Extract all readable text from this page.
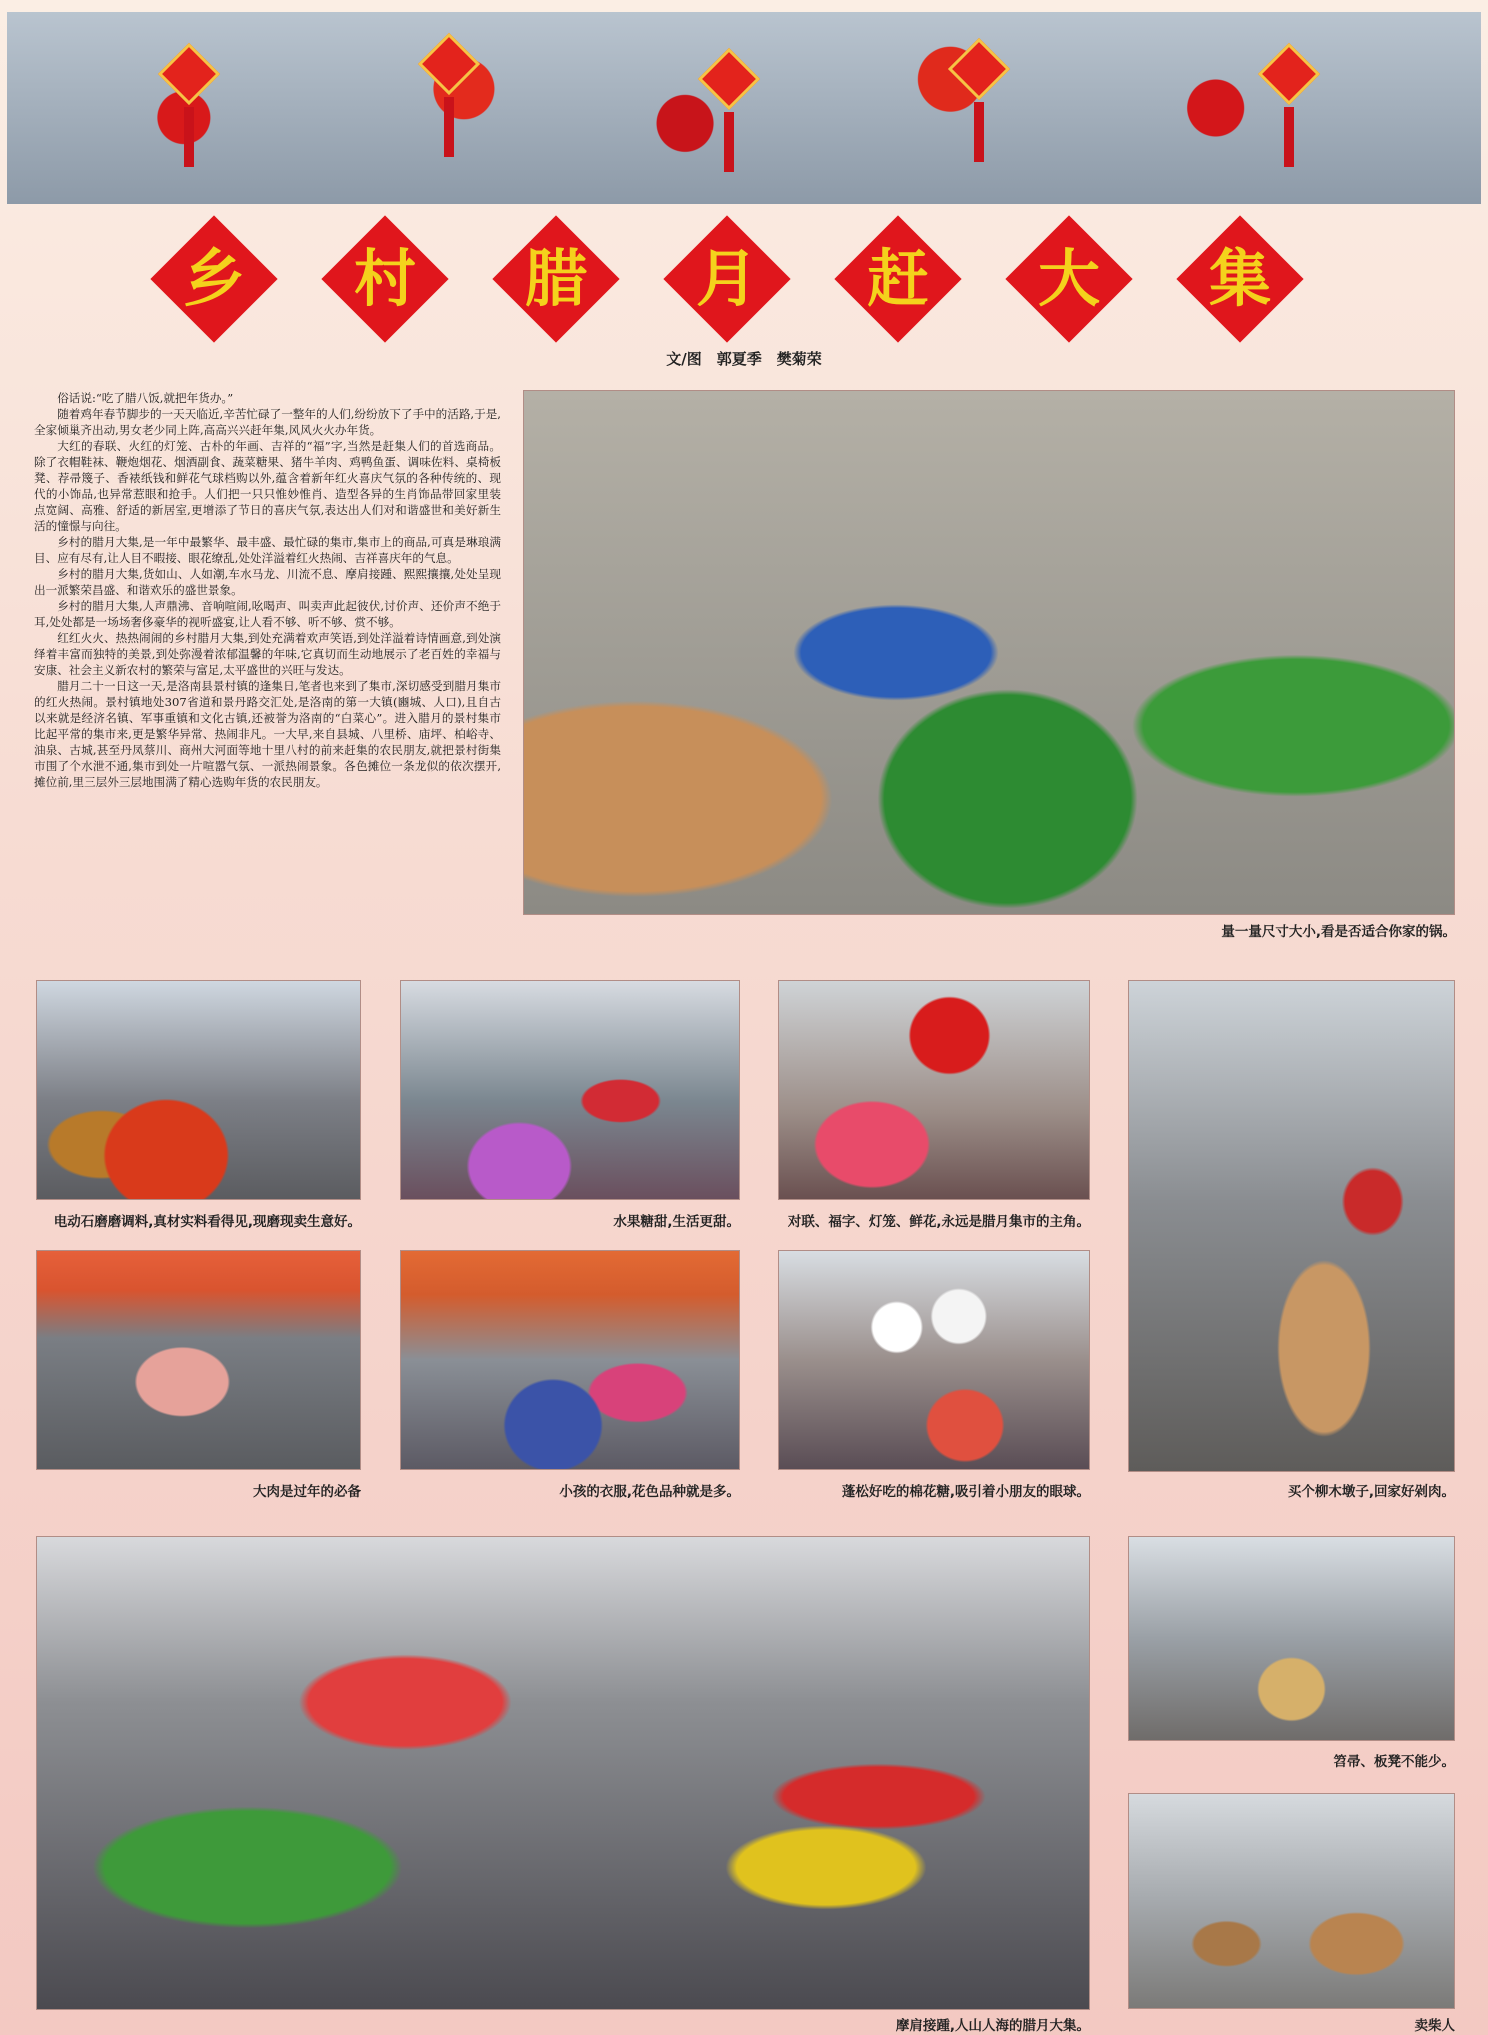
乡	村	腊	月	赶	大	集
文/图　郭夏季　樊菊荣

俗话说:“吃了腊八饭,就把年货办。”

随着鸡年春节脚步的一天天临近,辛苦忙碌了一整年的人们,纷纷放下了手中的活路,于是,全家倾巢齐出动,男女老少同上阵,高高兴兴赶年集,风风火火办年货。

大红的春联、火红的灯笼、古朴的年画、吉祥的“福”字,当然是赶集人们的首选商品。除了衣帽鞋袜、鞭炮烟花、烟酒副食、蔬菜糖果、猪牛羊肉、鸡鸭鱼蛋、调味佐料、桌椅板凳、荐帚篾子、香裱纸钱和鲜花气球档购以外,蕴含着新年红火喜庆气氛的各种传统的、现代的小饰品,也异常惹眼和抢手。人们把一只只惟妙惟肖、造型各异的生肖饰品带回家里装点宽阔、高雅、舒适的新居室,更增添了节日的喜庆气氛,表达出人们对和谐盛世和美好新生活的憧憬与向往。

乡村的腊月大集,是一年中最繁华、最丰盛、最忙碌的集市,集市上的商品,可真是琳琅满目、应有尽有,让人目不暇接、眼花缭乱,处处洋溢着红火热闹、吉祥喜庆年的气息。

乡村的腊月大集,货如山、人如潮,车水马龙、川流不息、摩肩接踵、熙熙攘攘,处处呈现出一派繁荣昌盛、和谐欢乐的盛世景象。

乡村的腊月大集,人声鼎沸、音响喧闹,吆喝声、叫卖声此起彼伏,讨价声、还价声不绝于耳,处处都是一场场奢侈豪华的视听盛宴,让人看不够、听不够、赏不够。

红红火火、热热闹闹的乡村腊月大集,到处充满着欢声笑语,到处洋溢着诗情画意,到处演绎着丰富而独特的美景,到处弥漫着浓郁温馨的年味,它真切而生动地展示了老百姓的幸福与安康、社会主义新农村的繁荣与富足,太平盛世的兴旺与发达。

腊月二十一日这一天,是洛南县景村镇的逢集日,笔者也来到了集市,深切感受到腊月集市的红火热闹。景村镇地处307省道和景丹路交汇处,是洛南的第一大镇(豳城、人口),且自古以来就是经济名镇、军事重镇和文化古镇,还被誉为洛南的“白菜心”。进入腊月的景村集市比起平常的集市来,更是繁华异常、热闹非凡。一大早,来自县城、八里桥、庙坪、柏峪寺、油泉、古城,甚至丹凤蔡川、商州大河面等地十里八村的前来赶集的农民朋友,就把景村街集市围了个水泄不通,集市到处一片喧嚣气氛、一派热闹景象。各色摊位一条龙似的依次摆开,摊位前,里三层外三层地围满了精心选购年货的农民朋友。

量一量尺寸大小,看是否适合你家的锅。
电动石磨磨调料,真材实料看得见,现磨现卖生意好。	水果糖甜,生活更甜。	对联、福字、灯笼、鲜花,永远是腊月集市的主角。
买个柳木墩子,回家好剁肉。
大肉是过年的必备	小孩的衣服,花色品种就是多。	蓬松好吃的棉花糖,吸引着小朋友的眼球。
摩肩接踵,人山人海的腊月大集。
笤帚、板凳不能少。
卖柴人
